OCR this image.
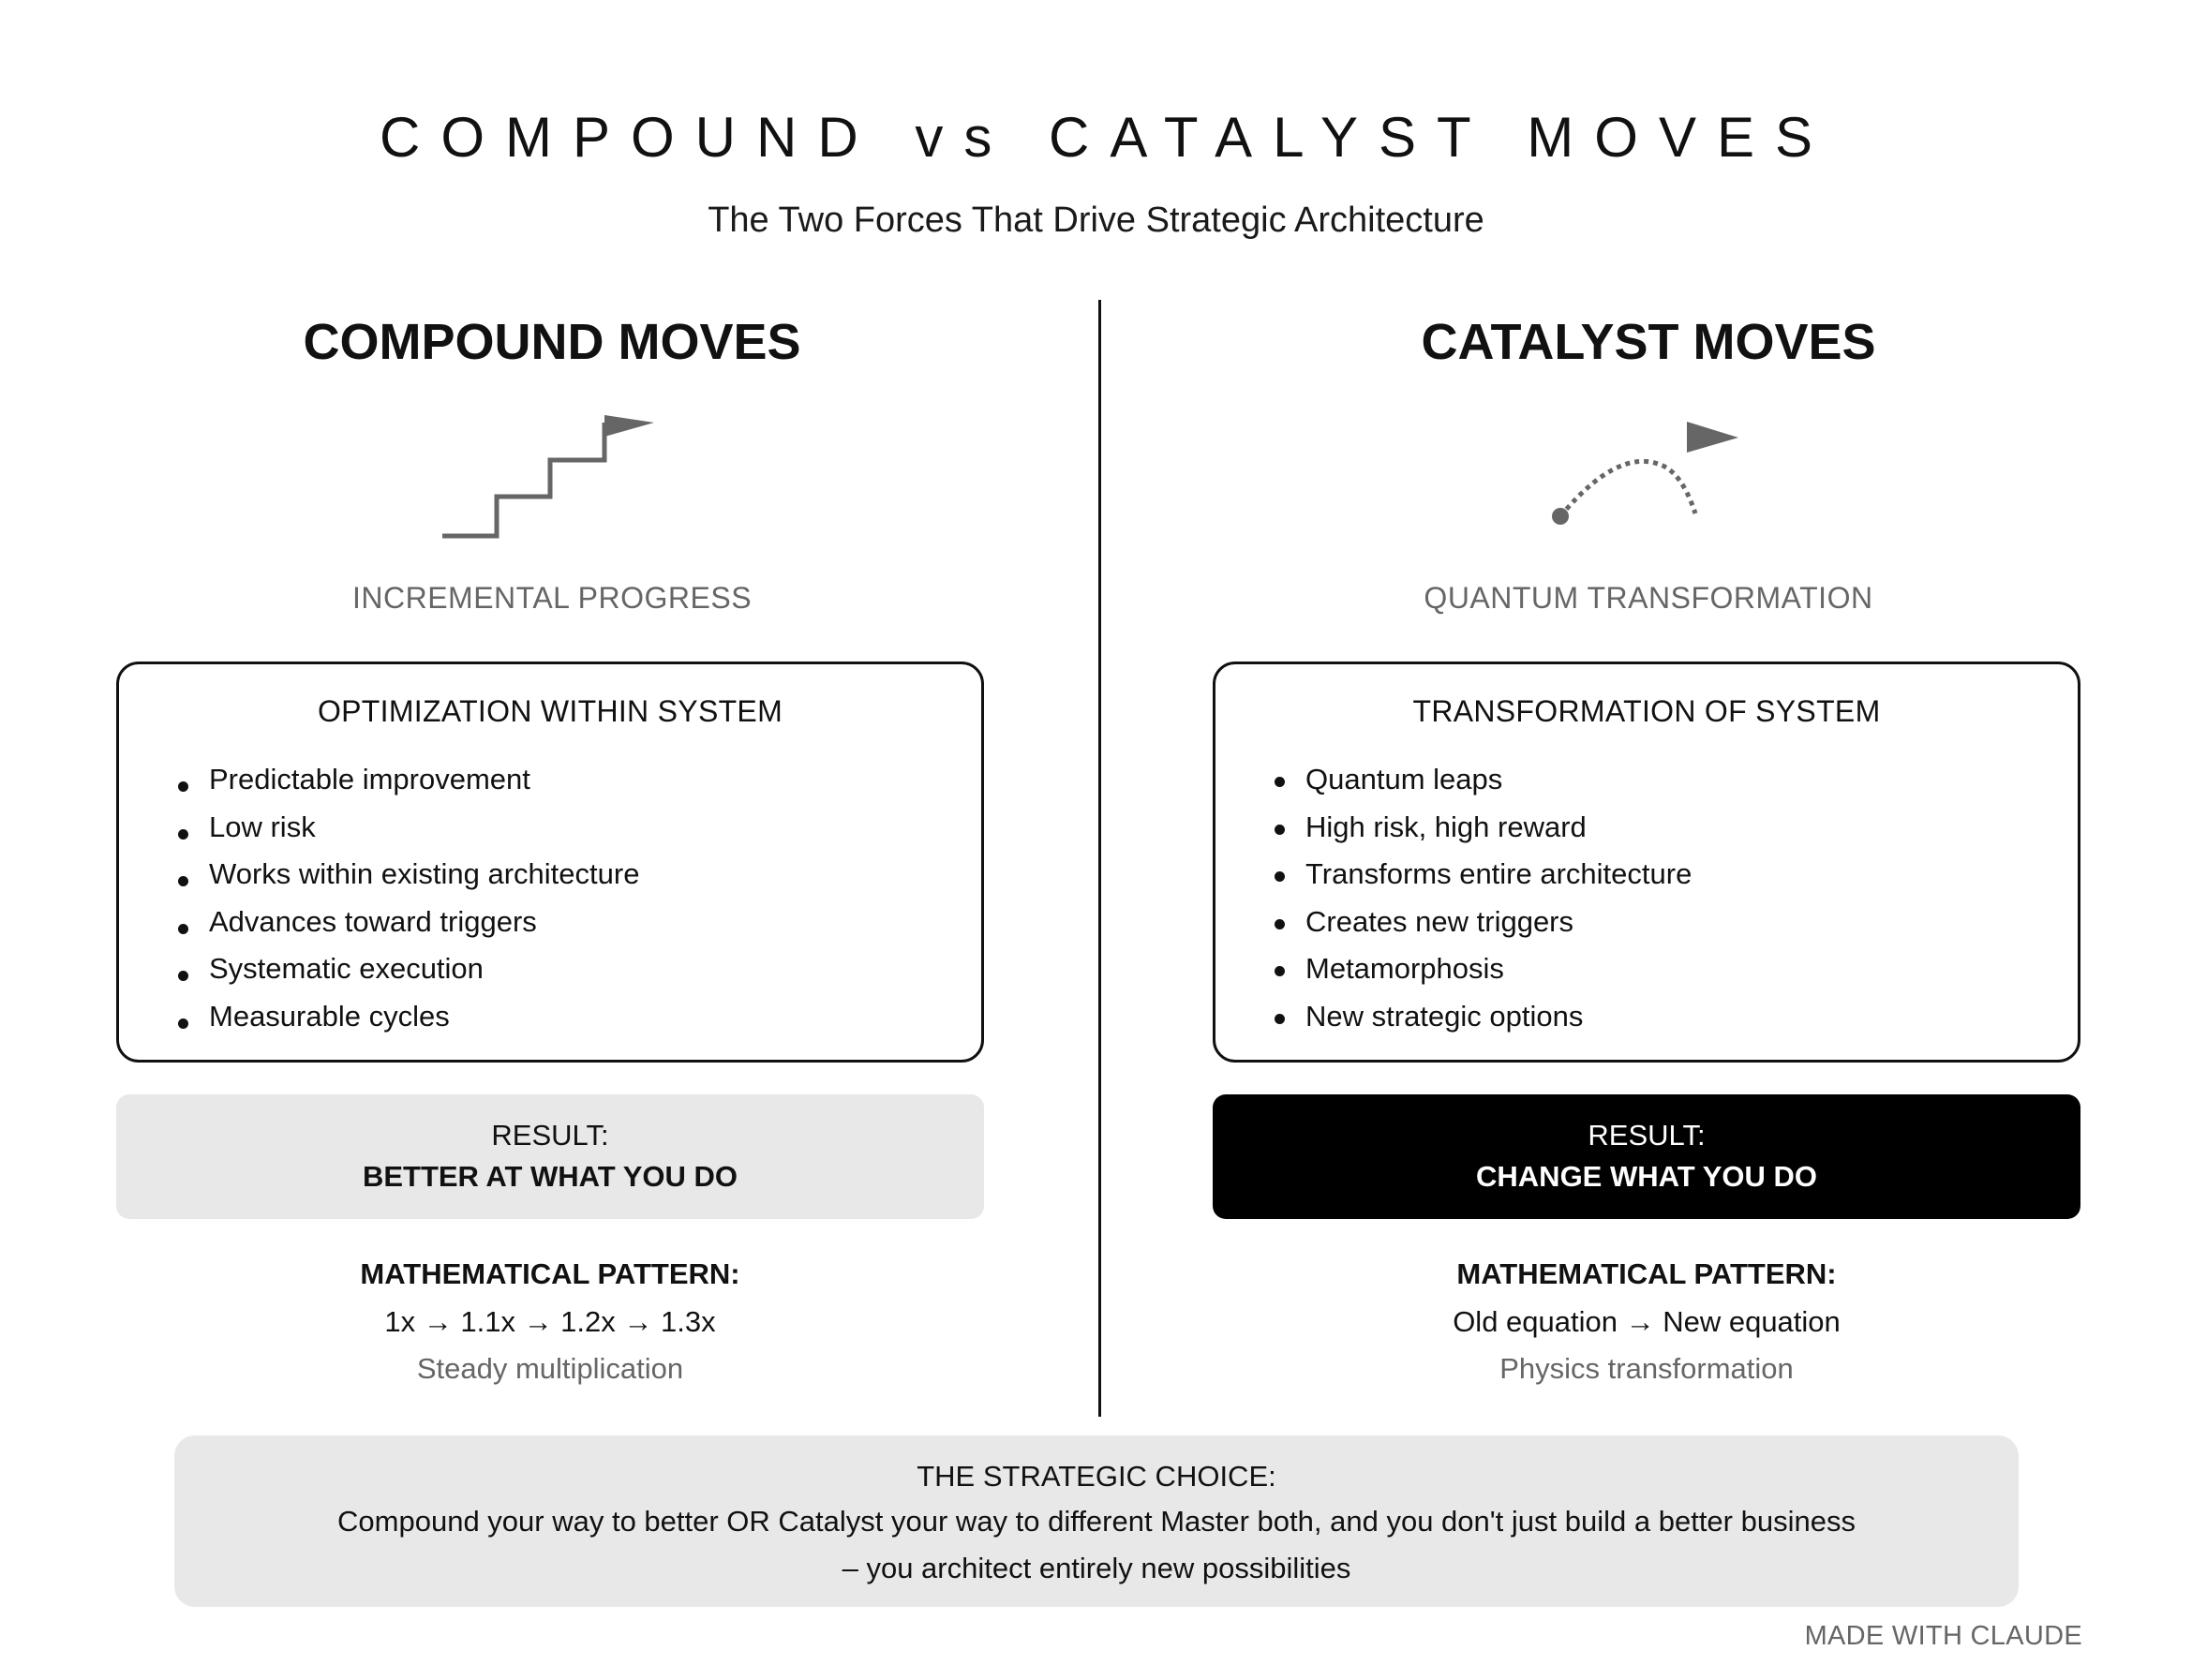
COMPOUND vs CATALYST MOVES
The Two Forces That Drive Strategic Architecture
COMPOUND MOVES
INCREMENTAL PROGRESS
OPTIMIZATION WITHIN SYSTEM
Predictable improvement
Low risk
Works within existing architecture
Advances toward triggers
Systematic execution
Measurable cycles
RESULT:
BETTER AT WHAT YOU DO
MATHEMATICAL PATTERN:
1x → 1.1x → 1.2x → 1.3x
Steady multiplication
CATALYST MOVES
QUANTUM TRANSFORMATION
TRANSFORMATION OF SYSTEM
Quantum leaps
High risk, high reward
Transforms entire architecture
Creates new triggers
Metamorphosis
New strategic options
RESULT:
CHANGE WHAT YOU DO
MATHEMATICAL PATTERN:
Old equation → New equation
Physics transformation
THE STRATEGIC CHOICE:
Compound your way to better OR Catalyst your way to different Master both, and you don't just build a better business
– you architect entirely new possibilities
MADE WITH CLAUDE
